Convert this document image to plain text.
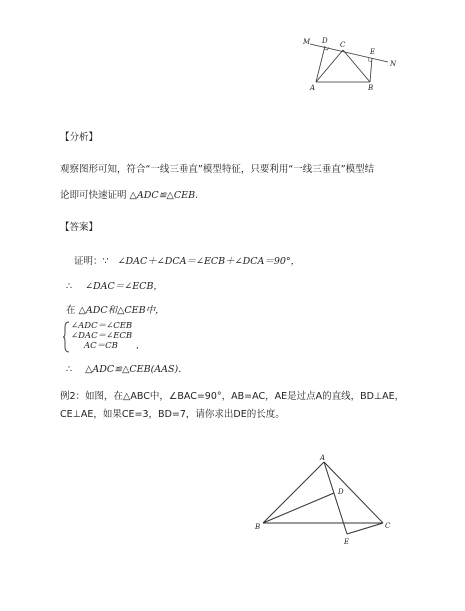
M D C
E
N
A	B
【分析】
观察图形可知，符合“一线三垂直”模型特征，只要利用“一线三垂直”模型结
论即可快速证明 △ADC≌△CEB.
【答案】
证明：∵ ∠DAC＋∠DCA＝∠ECB＋∠DCA＝90°，
∴ ∠DAC＝∠ECB，
在 △ADC和△CEB中，
∠ADC＝∠CEB
∠DAC＝∠ECB
AC＝CB ,
∴ △ADC≌△CEB(AAS).
例2：如图，在△ABC中，∠BAC=90°，AB=AC，AE是过点A的直线，BD⊥AE，
CE⊥AE，如果CE=3，BD=7，请你求出DE的长度。
A
D
B	C
E
